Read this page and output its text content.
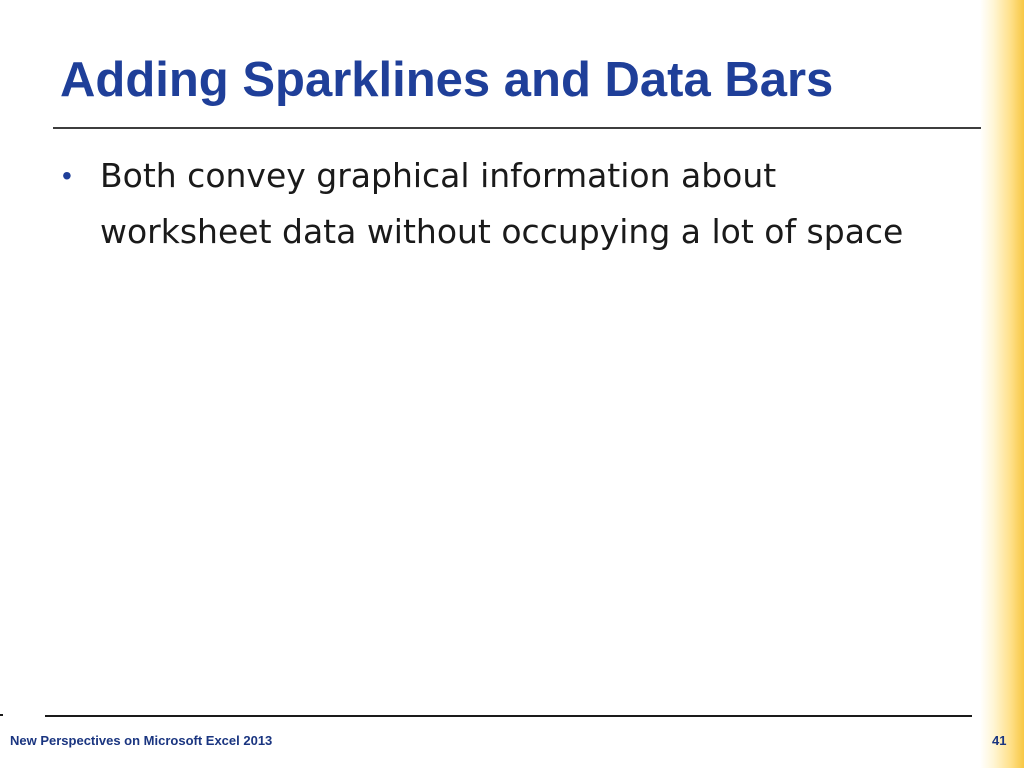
Adding Sparklines and Data Bars
• Both convey graphical information about worksheet data without occupying a lot of space
New Perspectives on Microsoft Excel 2013	41
